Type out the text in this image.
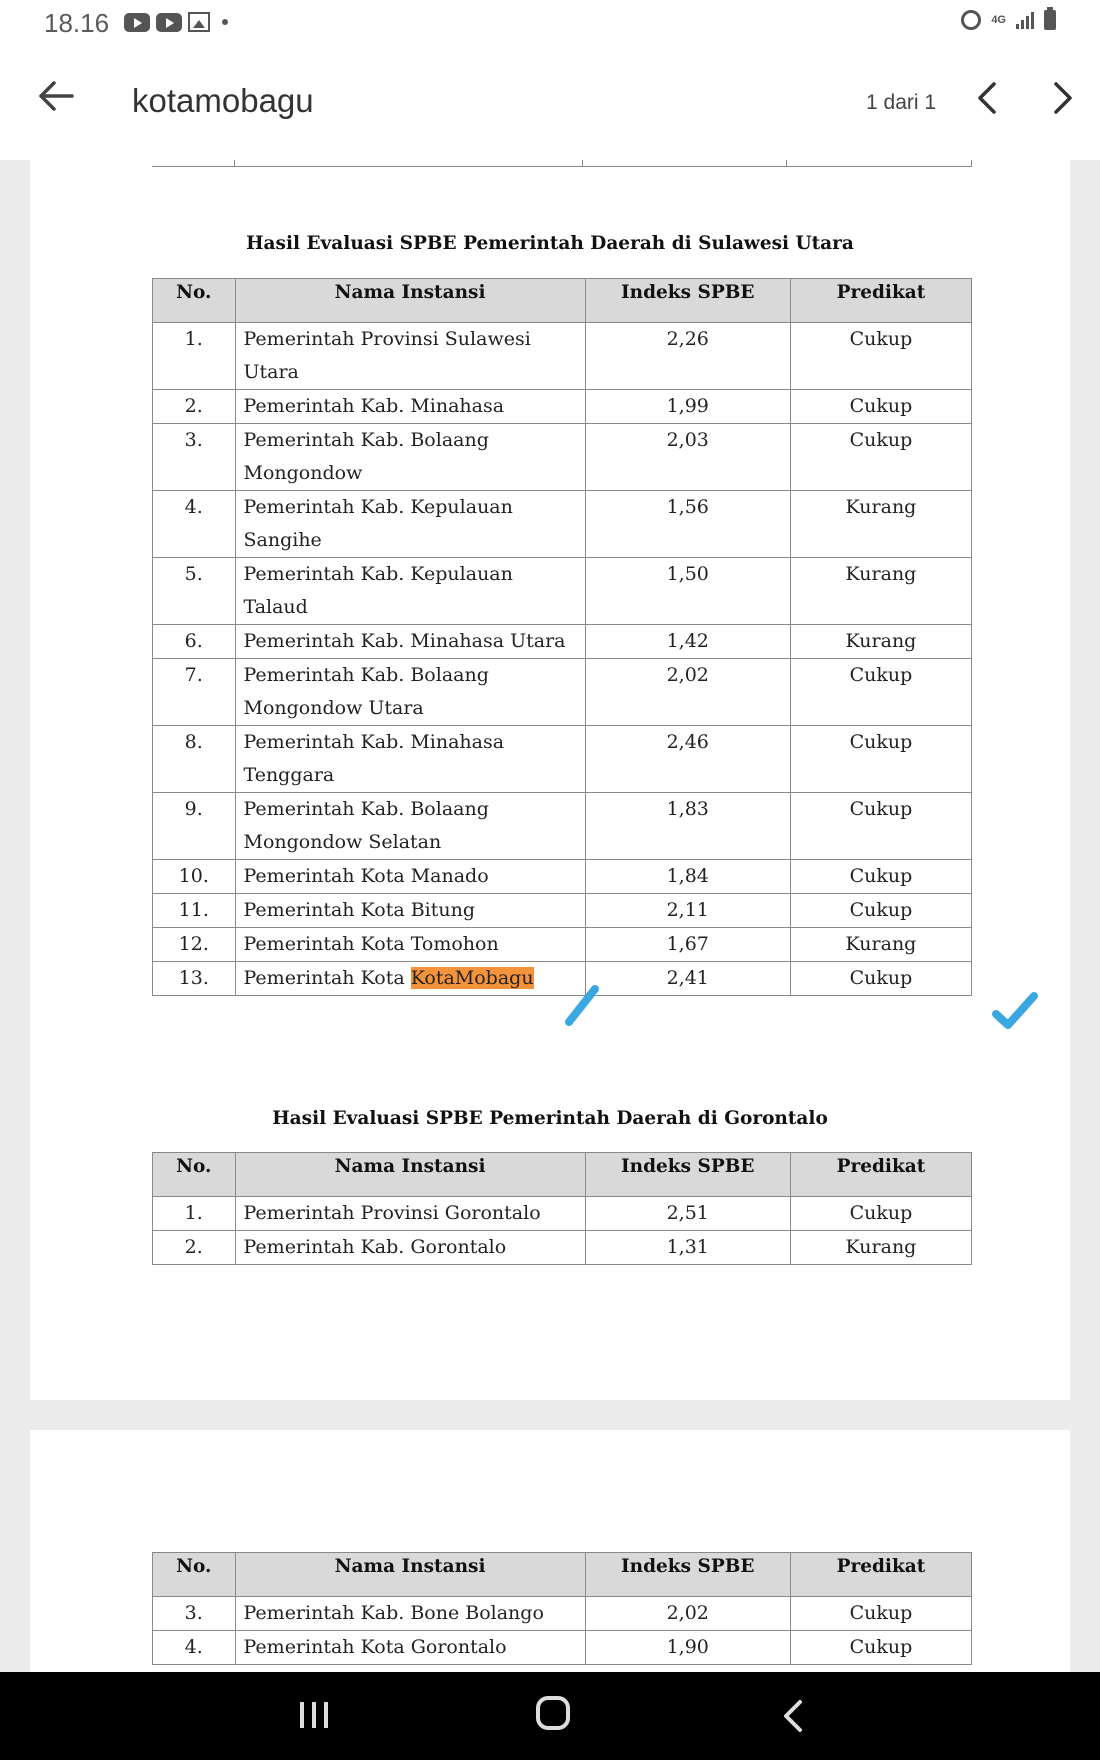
18.16	4G
kotamobagu	1 dari 1
Hasil Evaluasi SPBE Pemerintah Daerah di Sulawesi Utara
No.	Nama Instansi	Indeks SPBE	Predikat
1.	Pemerintah Provinsi Sulawesi Utara	2,26	Cukup
2.	Pemerintah Kab. Minahasa	1,99	Cukup
3.	Pemerintah Kab. Bolaang Mongondow	2,03	Cukup
4.	Pemerintah Kab. Kepulauan Sangihe	1,56	Kurang
5.	Pemerintah Kab. Kepulauan Talaud	1,50	Kurang
6.	Pemerintah Kab. Minahasa Utara	1,42	Kurang
7.	Pemerintah Kab. Bolaang Mongondow Utara	2,02	Cukup
8.	Pemerintah Kab. Minahasa Tenggara	2,46	Cukup
9.	Pemerintah Kab. Bolaang Mongondow Selatan	1,83	Cukup
10.	Pemerintah Kota Manado	1,84	Cukup
11.	Pemerintah Kota Bitung	2,11	Cukup
12.	Pemerintah Kota Tomohon	1,67	Kurang
13.	Pemerintah Kota KotaMobagu	2,41	Cukup
Hasil Evaluasi SPBE Pemerintah Daerah di Gorontalo
No.	Nama Instansi	Indeks SPBE	Predikat
1.	Pemerintah Provinsi Gorontalo	2,51	Cukup
2.	Pemerintah Kab. Gorontalo	1,31	Kurang
No.	Nama Instansi	Indeks SPBE	Predikat
3.	Pemerintah Kab. Bone Bolango	2,02	Cukup
4.	Pemerintah Kota Gorontalo	1,90	Cukup
